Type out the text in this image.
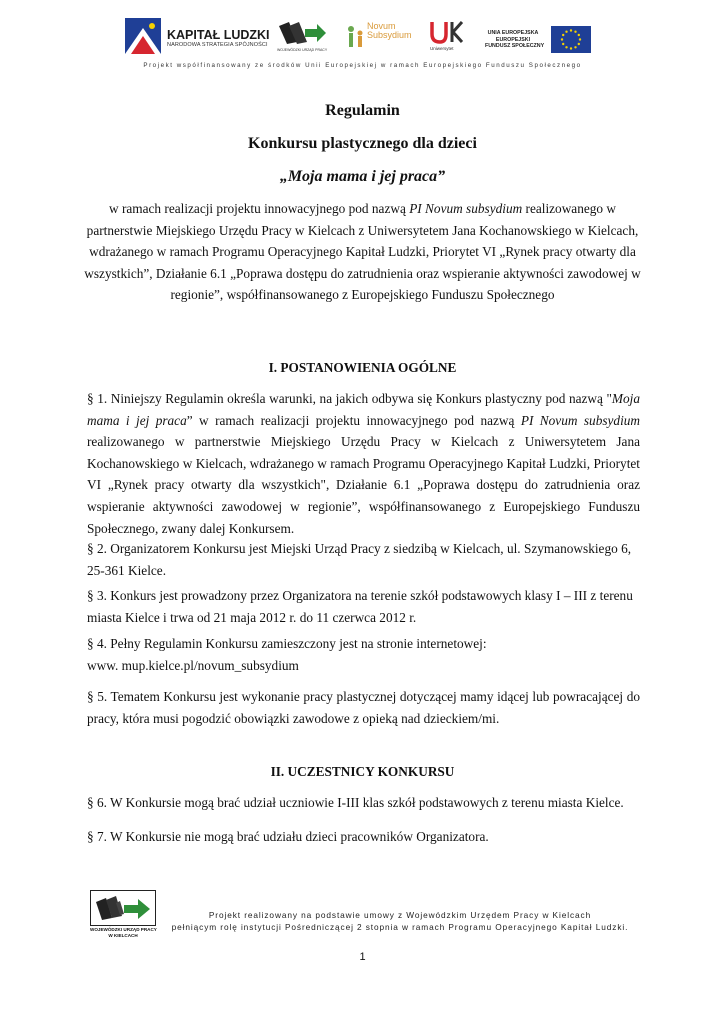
KAPITAŁ LUDZKI
NARODOWA STRATEGIA SPÓJNOŚCI
WOJEWÓDZKI URZĄD PRACY
Novum
Subsydium
Uniwersytet
UNIA EUROPEJSKA
EUROPEJSKI
FUNDUSZ SPOŁECZNY
Projekt współfinansowany ze środków Unii Europejskiej w ramach Europejskiego Funduszu Społecznego
Regulamin
Konkursu plastycznego dla dzieci
„Moja mama i jej praca”
w ramach realizacji projektu innowacyjnego pod nazwą PI Novum subsydium realizowanego w partnerstwie Miejskiego Urzędu Pracy w Kielcach z Uniwersytetem Jana Kochanowskiego w Kielcach, wdrażanego w ramach Programu Operacyjnego Kapitał Ludzki, Priorytet VI „Rynek pracy otwarty dla wszystkich”, Działanie 6.1 „Poprawa dostępu do zatrudnienia oraz wspieranie aktywności zawodowej w regionie”, współfinansowanego z Europejskiego Funduszu Społecznego
I. POSTANOWIENIA OGÓLNE
§ 1. Niniejszy Regulamin określa warunki, na jakich odbywa się Konkurs plastyczny pod nazwą "Moja mama i jej praca” w ramach realizacji projektu innowacyjnego pod nazwą PI Novum subsydium realizowanego w partnerstwie Miejskiego Urzędu Pracy w Kielcach z Uniwersytetem Jana Kochanowskiego w Kielcach, wdrażanego w ramach Programu Operacyjnego Kapitał Ludzki, Priorytet VI „Rynek pracy otwarty dla wszystkich", Działanie 6.1 „Poprawa dostępu do zatrudnienia oraz wspieranie aktywności zawodowej w regionie”, współfinansowanego z Europejskiego Funduszu Społecznego, zwany dalej Konkursem.
§ 2. Organizatorem Konkursu jest Miejski Urząd Pracy z siedzibą w Kielcach, ul. Szymanowskiego 6, 25-361 Kielce.
§ 3. Konkurs jest prowadzony przez Organizatora na terenie szkół podstawowych klasy I – III z terenu miasta Kielce i trwa od 21 maja 2012 r. do 11 czerwca 2012 r.
§ 4. Pełny Regulamin Konkursu zamieszczony jest na stronie internetowej:
www. mup.kielce.pl/novum_subsydium
§ 5. Tematem Konkursu jest wykonanie pracy plastycznej dotyczącej mamy idącej lub powracającej do pracy, która musi pogodzić obowiązki zawodowe z opieką nad dzieckiem/mi.
II. UCZESTNICY KONKURSU
§ 6. W Konkursie mogą brać udział uczniowie I-III klas szkół podstawowych z terenu miasta Kielce.
§ 7. W Konkursie nie mogą brać udziału dzieci pracowników Organizatora.
WOJEWÓDZKI URZĄD PRACY
W KIELCACH
Projekt realizowany na podstawie umowy z Wojewódzkim Urzędem Pracy w Kielcach
pełniącym rolę instytucji Pośredniczącej 2 stopnia w ramach Programu Operacyjnego Kapitał Ludzki.
1
